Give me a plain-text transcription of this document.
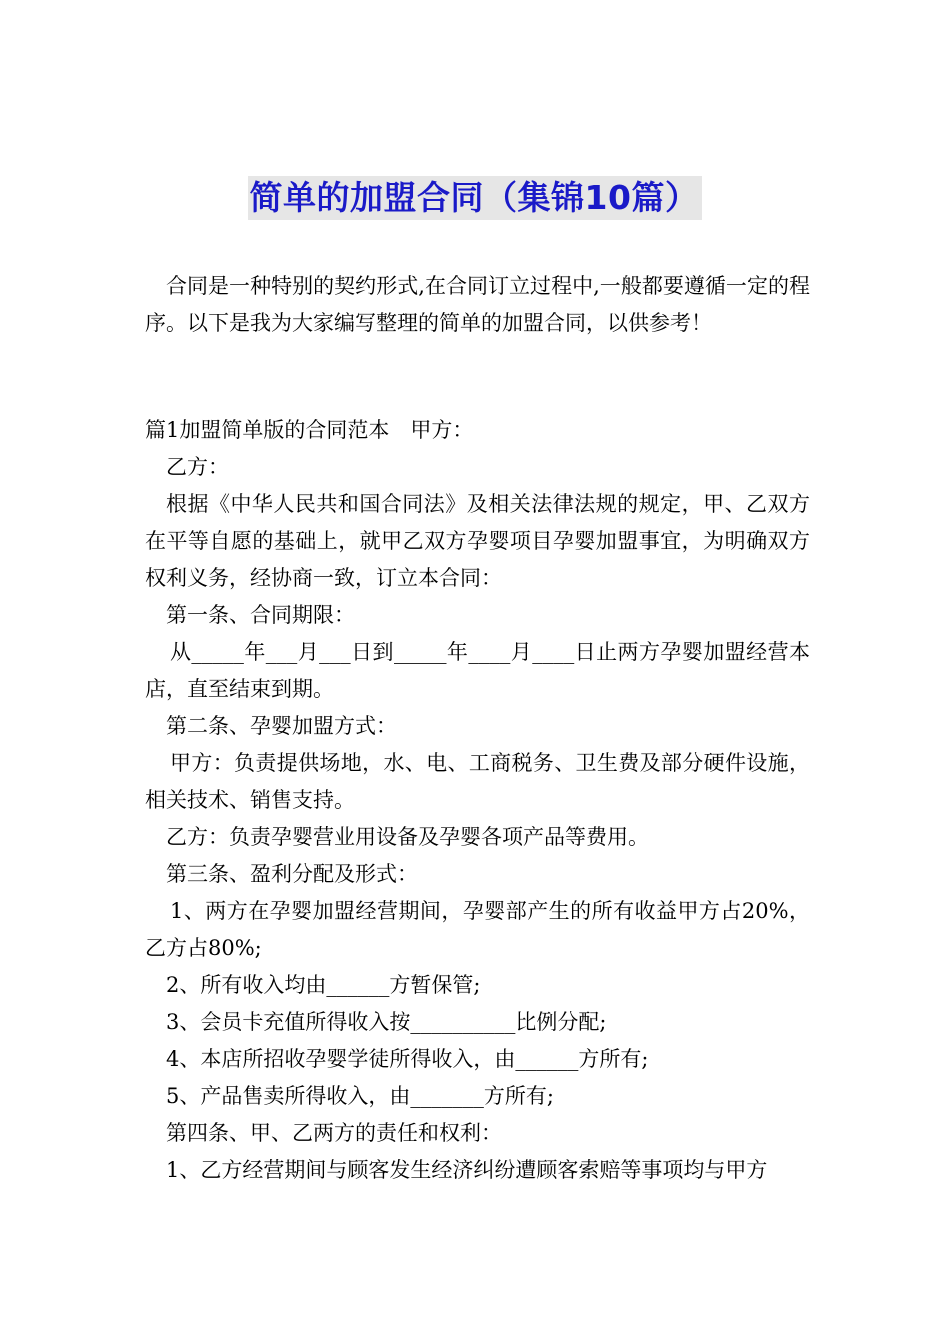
简单的加盟合同（集锦10篇）

合同是一种特别的契约形式,在合同订立过程中,一般都要遵循一定的程序。以下是我为大家编写整理的简单的加盟合同，以供参考！

篇1加盟简单版的合同范本　甲方：

乙方：

根据《中华人民共和国合同法》及相关法律法规的规定，甲、乙双方在平等自愿的基础上，就甲乙双方孕婴项目孕婴加盟事宜，为明确双方权利义务，经协商一致，订立本合同：

第一条、合同期限：

从_____年___月___日到_____年____月____日止两方孕婴加盟经营本店，直至结束到期。

第二条、孕婴加盟方式：

甲方：负责提供场地，水、电、工商税务、卫生费及部分硬件设施，相关技术、销售支持。

乙方：负责孕婴营业用设备及孕婴各项产品等费用。

第三条、盈利分配及形式：

1、两方在孕婴加盟经营期间，孕婴部产生的所有收益甲方占20%，乙方占80%;

2、所有收入均由______方暂保管;

3、会员卡充值所得收入按__________比例分配;

4、本店所招收孕婴学徒所得收入，由______方所有;

5、产品售卖所得收入，由_______方所有;

第四条、甲、乙两方的责任和权利：

1、乙方经营期间与顾客发生经济纠纷遭顾客索赔等事项均与甲方
